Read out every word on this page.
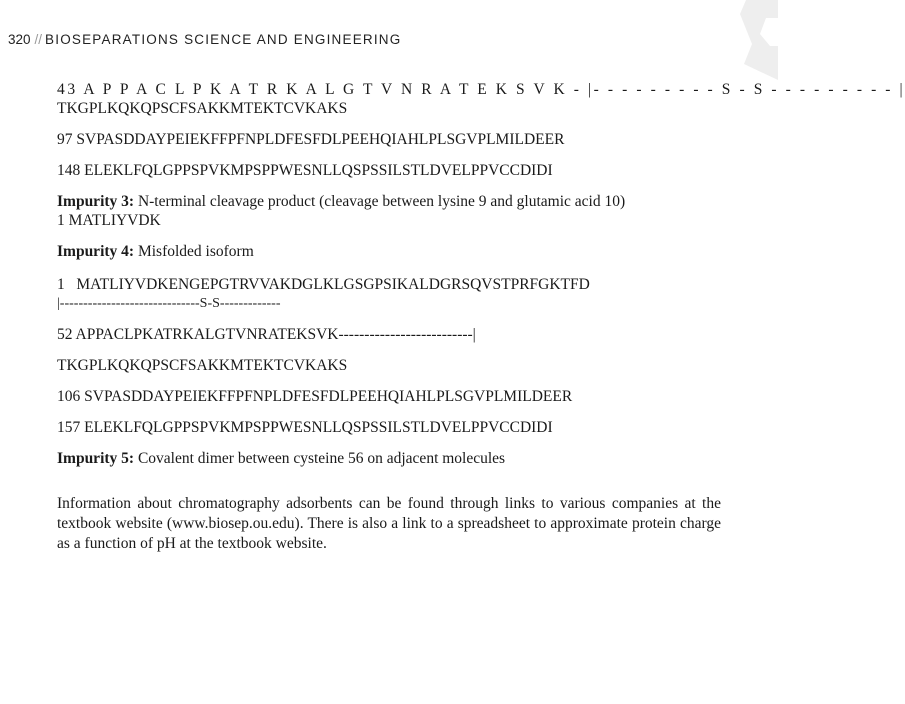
320 // BIOSEPARATIONS SCIENCE AND ENGINEERING
43 A P P A C L P K A T R K A L G T V N R A T E K S V K - |- - - - - - - - - S - S - - - - - - - - - |
TKGPLKQKQPSCFSAKKMTEKTCVKAKS
97 SVPASDDAYPEIEKFFPFNPLDFESFDLPEEHQIAHLPLSGVPLMILDEER
148 ELEKLFQLGPPSPVKMPSPPWESNLLQSPSSILSTLDVELPPVCCDIDI
Impurity 3: N-terminal cleavage product (cleavage between lysine 9 and glutamic acid 10)
1 MATLIYVDK
Impurity 4: Misfolded isoform
1   MATLIYVDKENGEPGTRVVAKDGLKLGSGPSIKALDGRSQVSTPRFGKTFD
|------------------------------S-S-------------
52 APPACLPKATRKALGTVNRATEKSVK--------------------------|
TKGPLKQKQPSCFSAKKMTEKTCVKAKS
106 SVPASDDAYPEIEKFFPFNPLDFESFDLPEEHQIAHLPLSGVPLMILDEER
157 ELEKLFQLGPPSPVKMPSPPWESNLLQSPSSILSTLDVELPPVCCDIDI
Impurity 5: Covalent dimer between cysteine 56 on adjacent molecules

Information about chromatography adsorbents can be found through links to various companies at the textbook website (www.biosep.ou.edu). There is also a link to a spreadsheet to approximate protein charge as a function of pH at the textbook website.
